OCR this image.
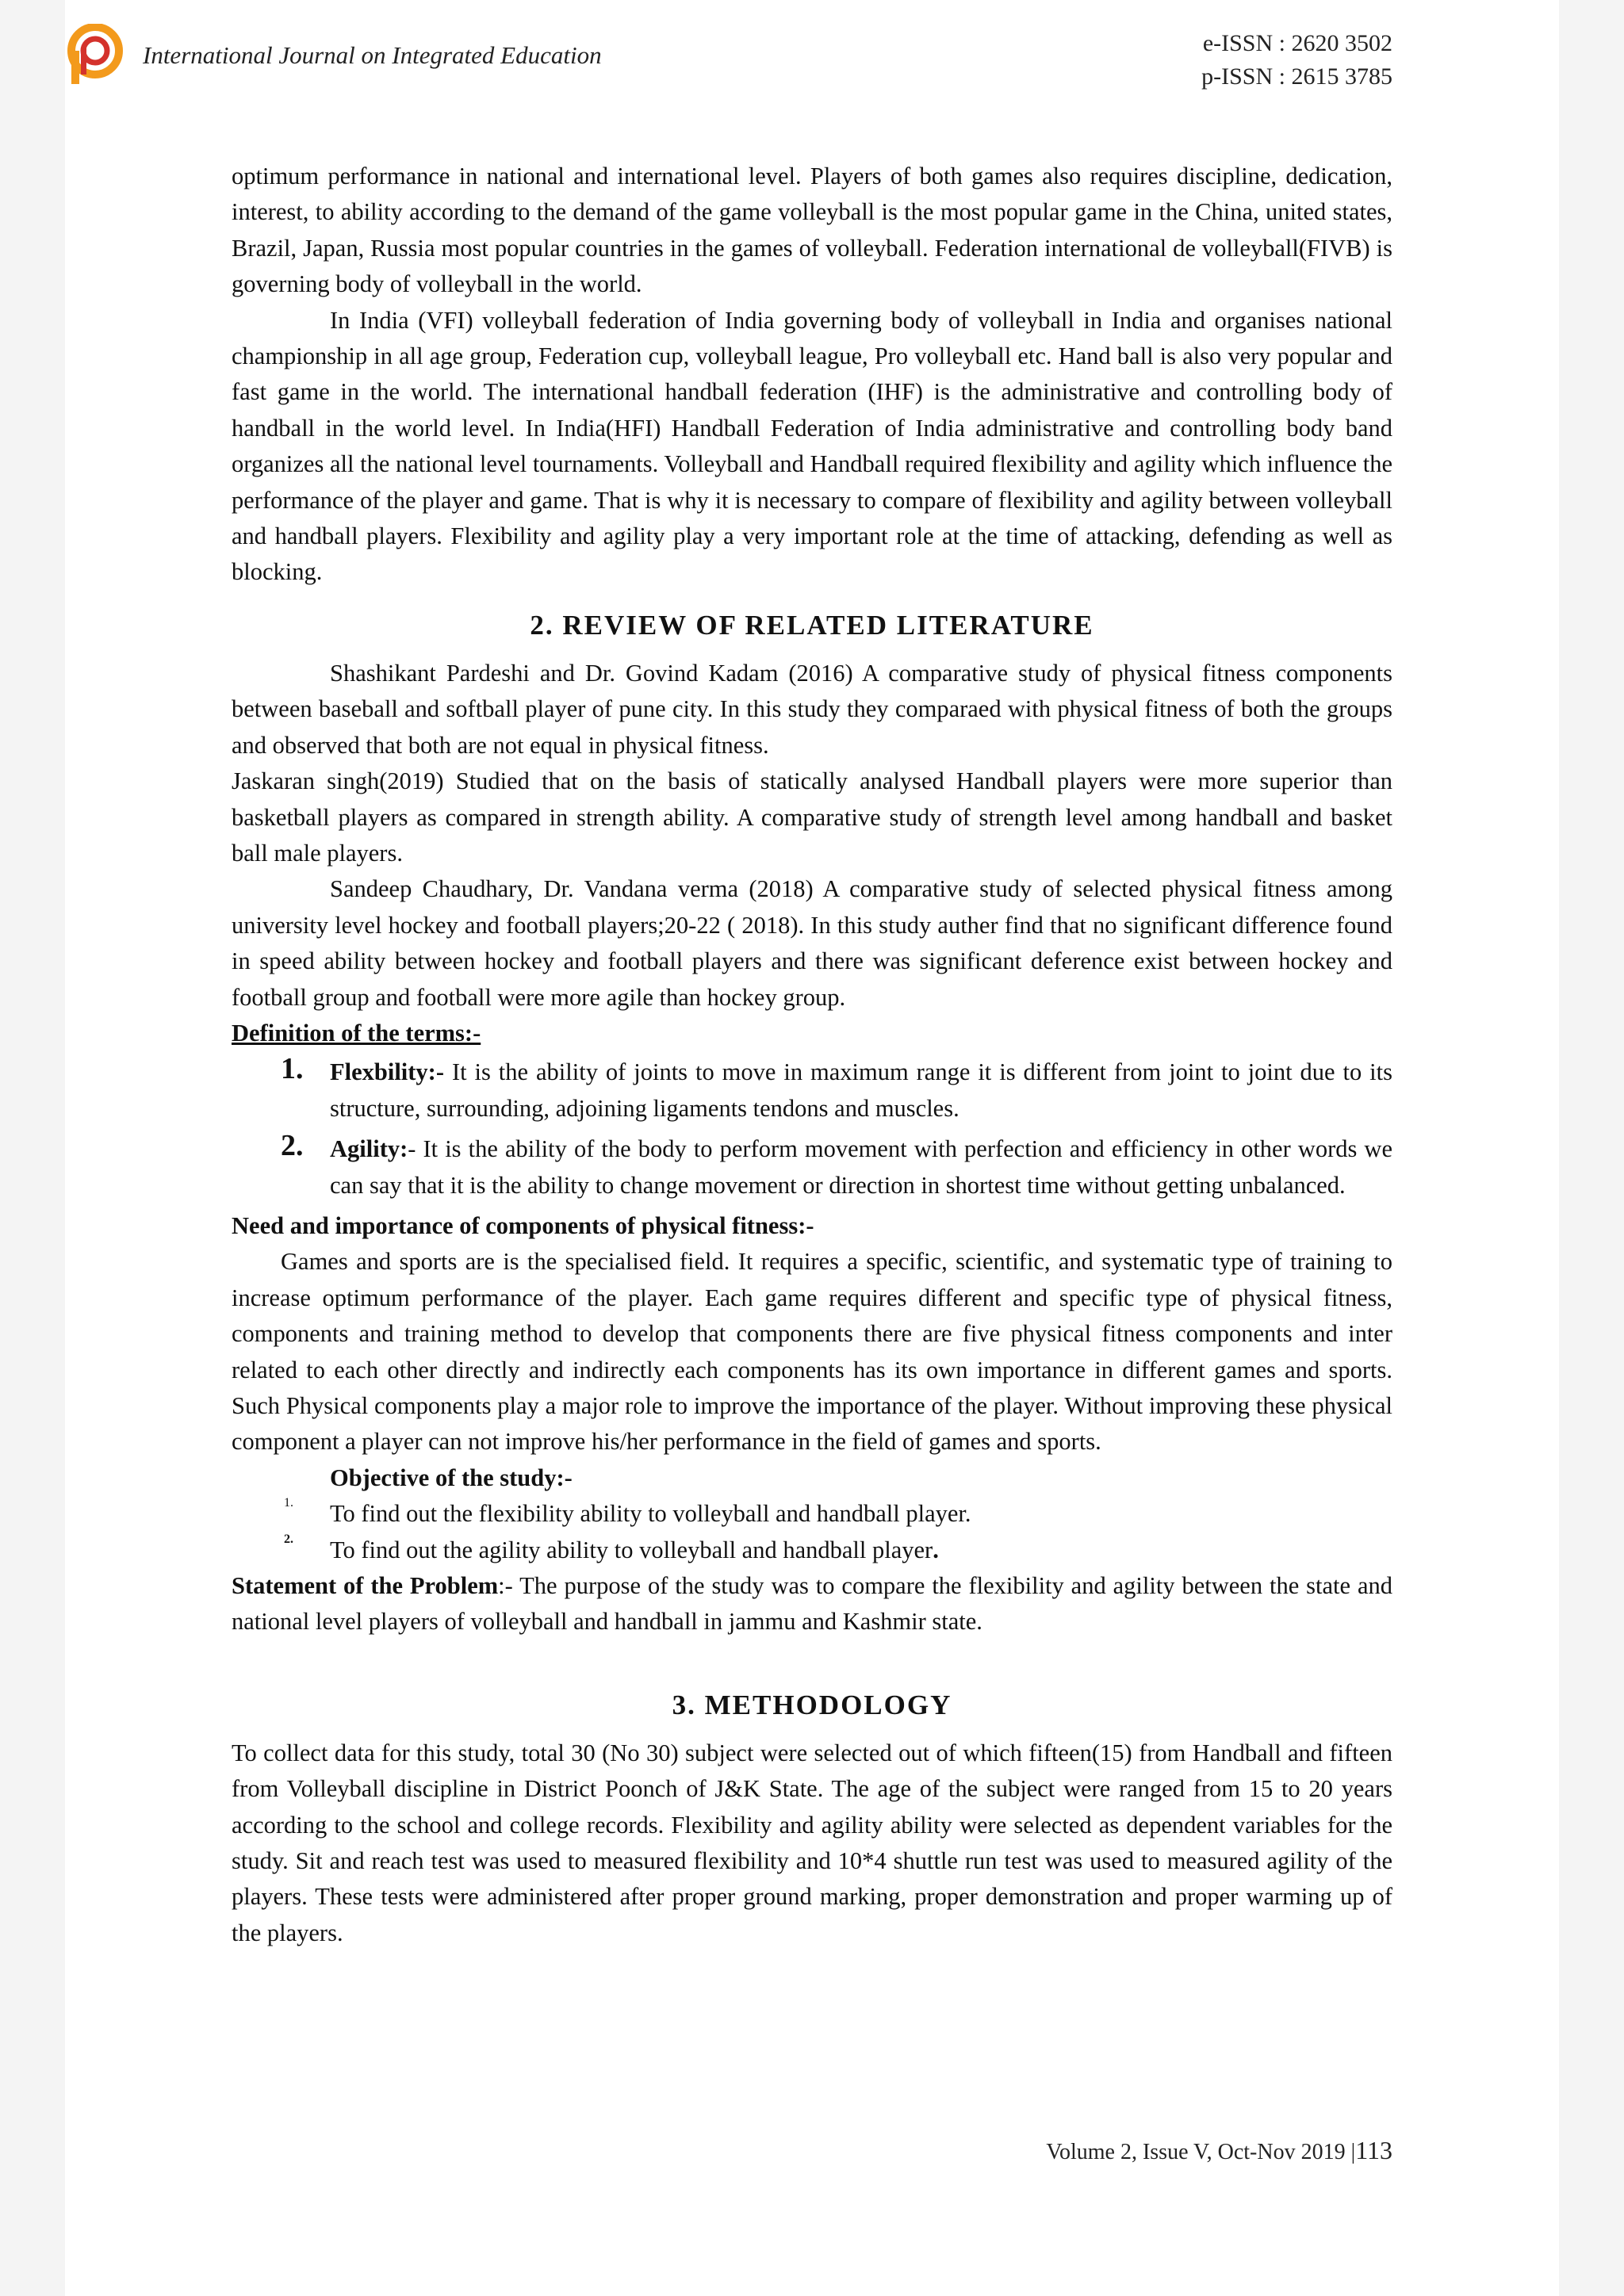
International Journal on Integrated Education	e-ISSN : 2620 3502
p-ISSN : 2615 3785

optimum performance in national and international level. Players of both games also requires discipline, dedication, interest, to ability according to the demand of the game volleyball is the most popular game in the China, united states, Brazil, Japan, Russia most popular countries in the games of volleyball. Federation international de volleyball(FIVB) is governing body of volleyball in the world.

In India (VFI) volleyball federation of India governing body of volleyball in India and organises national championship in all age group, Federation cup, volleyball league, Pro volleyball etc. Hand ball is also very popular and fast game in the world. The international handball federation (IHF) is the administrative and controlling body of handball in the world level. In India(HFI) Handball Federation of India administrative and controlling body band organizes all the national level tournaments. Volleyball and Handball required flexibility and agility which influence the performance of the player and game. That is why it is necessary to compare of flexibility and agility between volleyball and handball players. Flexibility and agility play a very important role at the time of attacking, defending as well as blocking.

2. REVIEW OF RELATED LITERATURE

Shashikant Pardeshi and Dr. Govind Kadam (2016) A comparative study of physical fitness components between baseball and softball player of pune city. In this study they comparaed with physical fitness of both the groups and observed that both are not equal in physical fitness.

Jaskaran singh(2019) Studied that on the basis of statically analysed Handball players were more superior than basketball players as compared in strength ability. A comparative study of strength level among handball and basket ball male players.

Sandeep Chaudhary, Dr. Vandana verma (2018) A comparative study of selected physical fitness among university level hockey and football players;20-22 ( 2018). In this study auther find that no significant difference found in speed ability between hockey and football players and there was significant deference exist between hockey and football group and football were more agile than hockey group.

Definition of the terms:-
1. Flexbility:- It is the ability of joints to move in maximum range it is different from joint to joint due to its structure, surrounding, adjoining ligaments tendons and muscles.

2. Agility:- It is the ability of the body to perform movement with perfection and efficiency in other words we can say that it is the ability to change movement or direction in shortest time without getting unbalanced.

Need and importance of components of physical fitness:-

Games and sports are is the specialised field. It requires a specific, scientific, and systematic type of training to increase optimum performance of the player. Each game requires different and specific type of physical fitness, components and training method to develop that components there are five physical fitness components and inter related to each other directly and indirectly each components has its own importance in different games and sports. Such Physical components play a major role to improve the importance of the player. Without improving these physical component a player can not improve his/her performance in the field of games and sports.

Objective of the study:-
1. To find out the flexibility ability to volleyball and handball player.

2. To find out the agility ability to volleyball and handball player.

Statement of the Problem:- The purpose of the study was to compare the flexibility and agility between the state and national level players of volleyball and handball in jammu and Kashmir state.

3. METHODOLOGY

To collect data for this study, total 30 (No 30) subject were selected out of which fifteen(15) from Handball and fifteen from Volleyball discipline in District Poonch of J&K State. The age of the subject were ranged from 15 to 20 years according to the school and college records. Flexibility and agility ability were selected as dependent variables for the study. Sit and reach test was used to measured flexibility and 10*4 shuttle run test was used to measured agility of the players. These tests were administered after proper ground marking, proper demonstration and proper warming up of the players.

Volume 2, Issue V, Oct-Nov 2019 |113
